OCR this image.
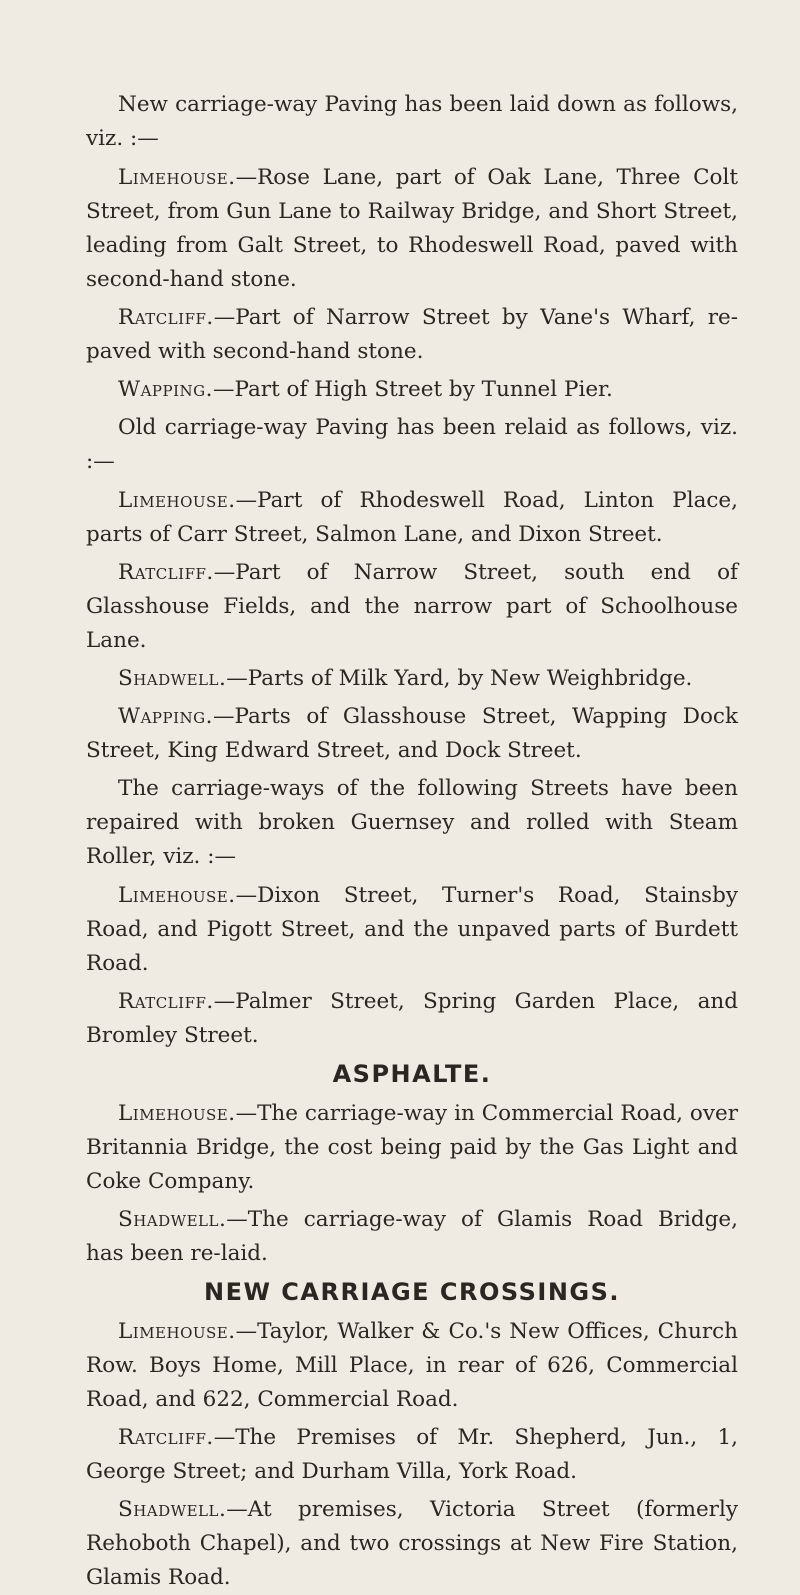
New carriage-way Paving has been laid down as follows, viz. :—

Limehouse.—Rose Lane, part of Oak Lane, Three Colt Street, from Gun Lane to Railway Bridge, and Short Street, leading from Galt Street, to Rhodeswell Road, paved with second-hand stone.

Ratcliff.—Part of Narrow Street by Vane's Wharf, re-paved with second-hand stone.

Wapping.—Part of High Street by Tunnel Pier.

Old carriage-way Paving has been relaid as follows, viz. :—

Limehouse.—Part of Rhodeswell Road, Linton Place, parts of Carr Street, Salmon Lane, and Dixon Street.

Ratcliff.—Part of Narrow Street, south end of Glasshouse Fields, and the narrow part of Schoolhouse Lane.

Shadwell.—Parts of Milk Yard, by New Weighbridge.

Wapping.—Parts of Glasshouse Street, Wapping Dock Street, King Edward Street, and Dock Street.

The carriage-ways of the following Streets have been repaired with broken Guernsey and rolled with Steam Roller, viz. :—

Limehouse.—Dixon Street, Turner's Road, Stainsby Road, and Pigott Street, and the unpaved parts of Burdett Road.

Ratcliff.—Palmer Street, Spring Garden Place, and Bromley Street.

ASPHALTE.

Limehouse.—The carriage-way in Commercial Road, over Britannia Bridge, the cost being paid by the Gas Light and Coke Company.

Shadwell.—The carriage-way of Glamis Road Bridge, has been re-laid.

NEW CARRIAGE CROSSINGS.

Limehouse.—Taylor, Walker & Co.'s New Offices, Church Row. Boys Home, Mill Place, in rear of 626, Commercial Road, and 622, Commercial Road.

Ratcliff.—The Premises of Mr. Shepherd, Jun., 1, George Street; and Durham Villa, York Road.

Shadwell.—At premises, Victoria Street (formerly Rehoboth Chapel), and two crossings at New Fire Station, Glamis Road.
